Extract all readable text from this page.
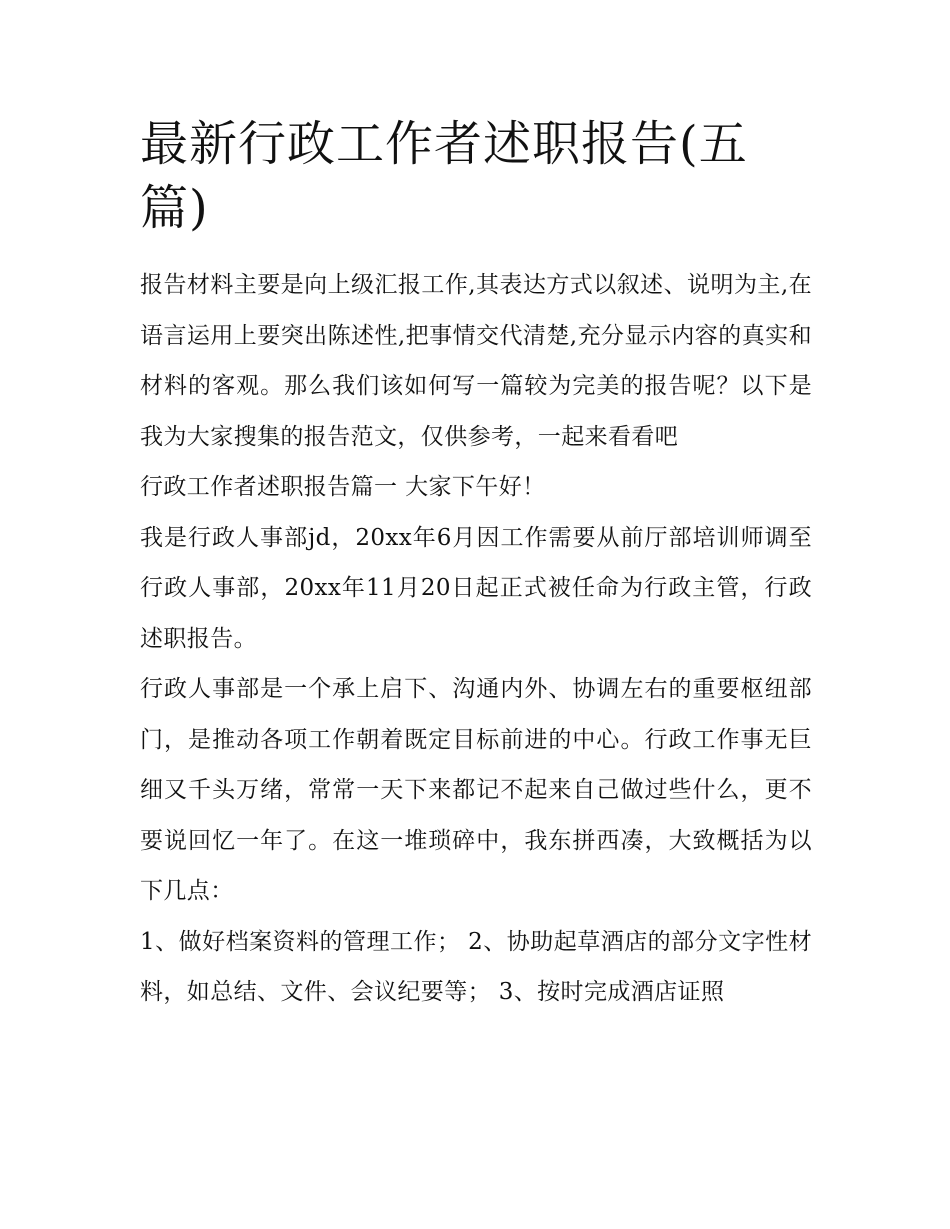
最新行政工作者述职报告(五篇)

报告材料主要是向上级汇报工作,其表达方式以叙述、说明为主,在语言运用上要突出陈述性,把事情交代清楚,充分显示内容的真实和材料的客观。那么我们该如何写一篇较为完美的报告呢？以下是我为大家搜集的报告范文，仅供参考，一起来看看吧

行政工作者述职报告篇一 大家下午好！

我是行政人事部jd，20xx年6月因工作需要从前厅部培训师调至行政人事部，20xx年11月20日起正式被任命为行政主管，行政述职报告。

行政人事部是一个承上启下、沟通内外、协调左右的重要枢纽部门，是推动各项工作朝着既定目标前进的中心。行政工作事无巨细又千头万绪，常常一天下来都记不起来自己做过些什么，更不要说回忆一年了。在这一堆琐碎中，我东拼西凑，大致概括为以下几点：

1、做好档案资料的管理工作； 2、协助起草酒店的部分文字性材料，如总结、文件、会议纪要等； 3、按时完成酒店证照
